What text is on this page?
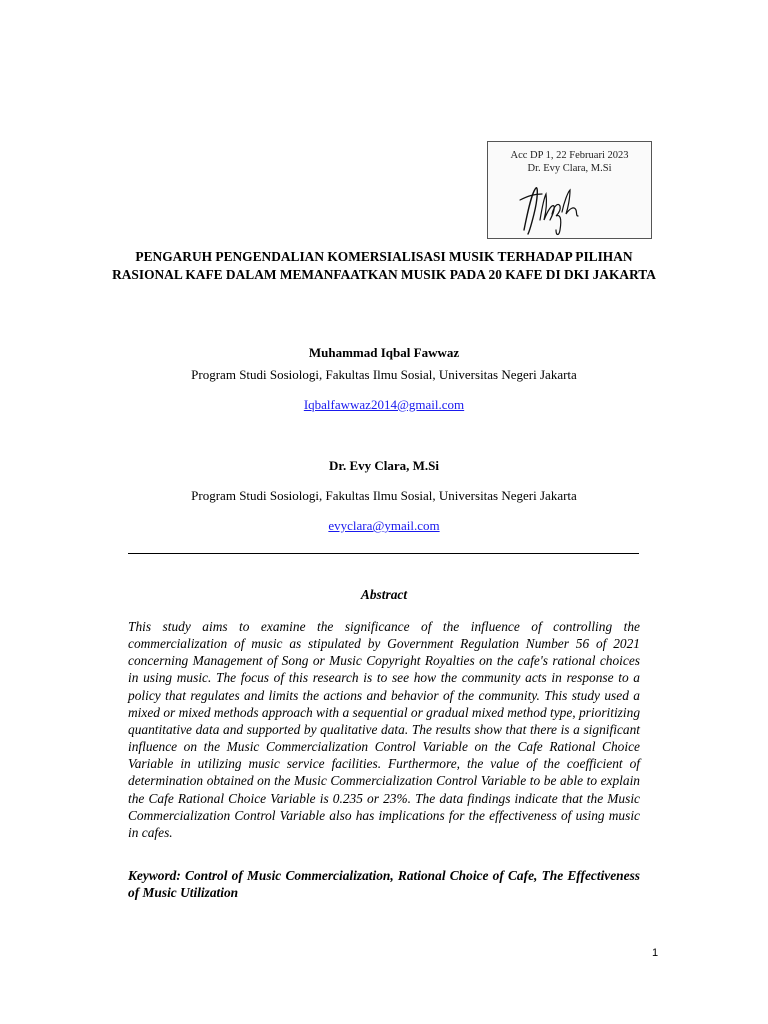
Acc DP 1, 22 Februari 2023
Dr. Evy Clara, M.Si
PENGARUH PENGENDALIAN KOMERSIALISASI MUSIK TERHADAP PILIHAN RASIONAL KAFE DALAM MEMANFAATKAN MUSIK PADA 20 KAFE DI DKI JAKARTA

Muhammad Iqbal Fawwaz

Program Studi Sosiologi, Fakultas Ilmu Sosial, Universitas Negeri Jakarta

Iqbalfawwaz2014@gmail.com

Dr. Evy Clara, M.Si

Program Studi Sosiologi, Fakultas Ilmu Sosial, Universitas Negeri Jakarta

evyclara@ymail.com

Abstract

This study aims to examine the significance of the influence of controlling the commercialization of music as stipulated by Government Regulation Number 56 of 2021 concerning Management of Song or Music Copyright Royalties on the cafe's rational choices in using music. The focus of this research is to see how the community acts in response to a policy that regulates and limits the actions and behavior of the community. This study used a mixed or mixed methods approach with a sequential or gradual mixed method type, prioritizing quantitative data and supported by qualitative data. The results show that there is a significant influence on the Music Commercialization Control Variable on the Cafe Rational Choice Variable in utilizing music service facilities. Furthermore, the value of the coefficient of determination obtained on the Music Commercialization Control Variable to be able to explain the Cafe Rational Choice Variable is 0.235 or 23%. The data findings indicate that the Music Commercialization Control Variable also has implications for the effectiveness of using music in cafes.

Keyword: Control of Music Commercialization, Rational Choice of Cafe, The Effectiveness of Music Utilization

1
